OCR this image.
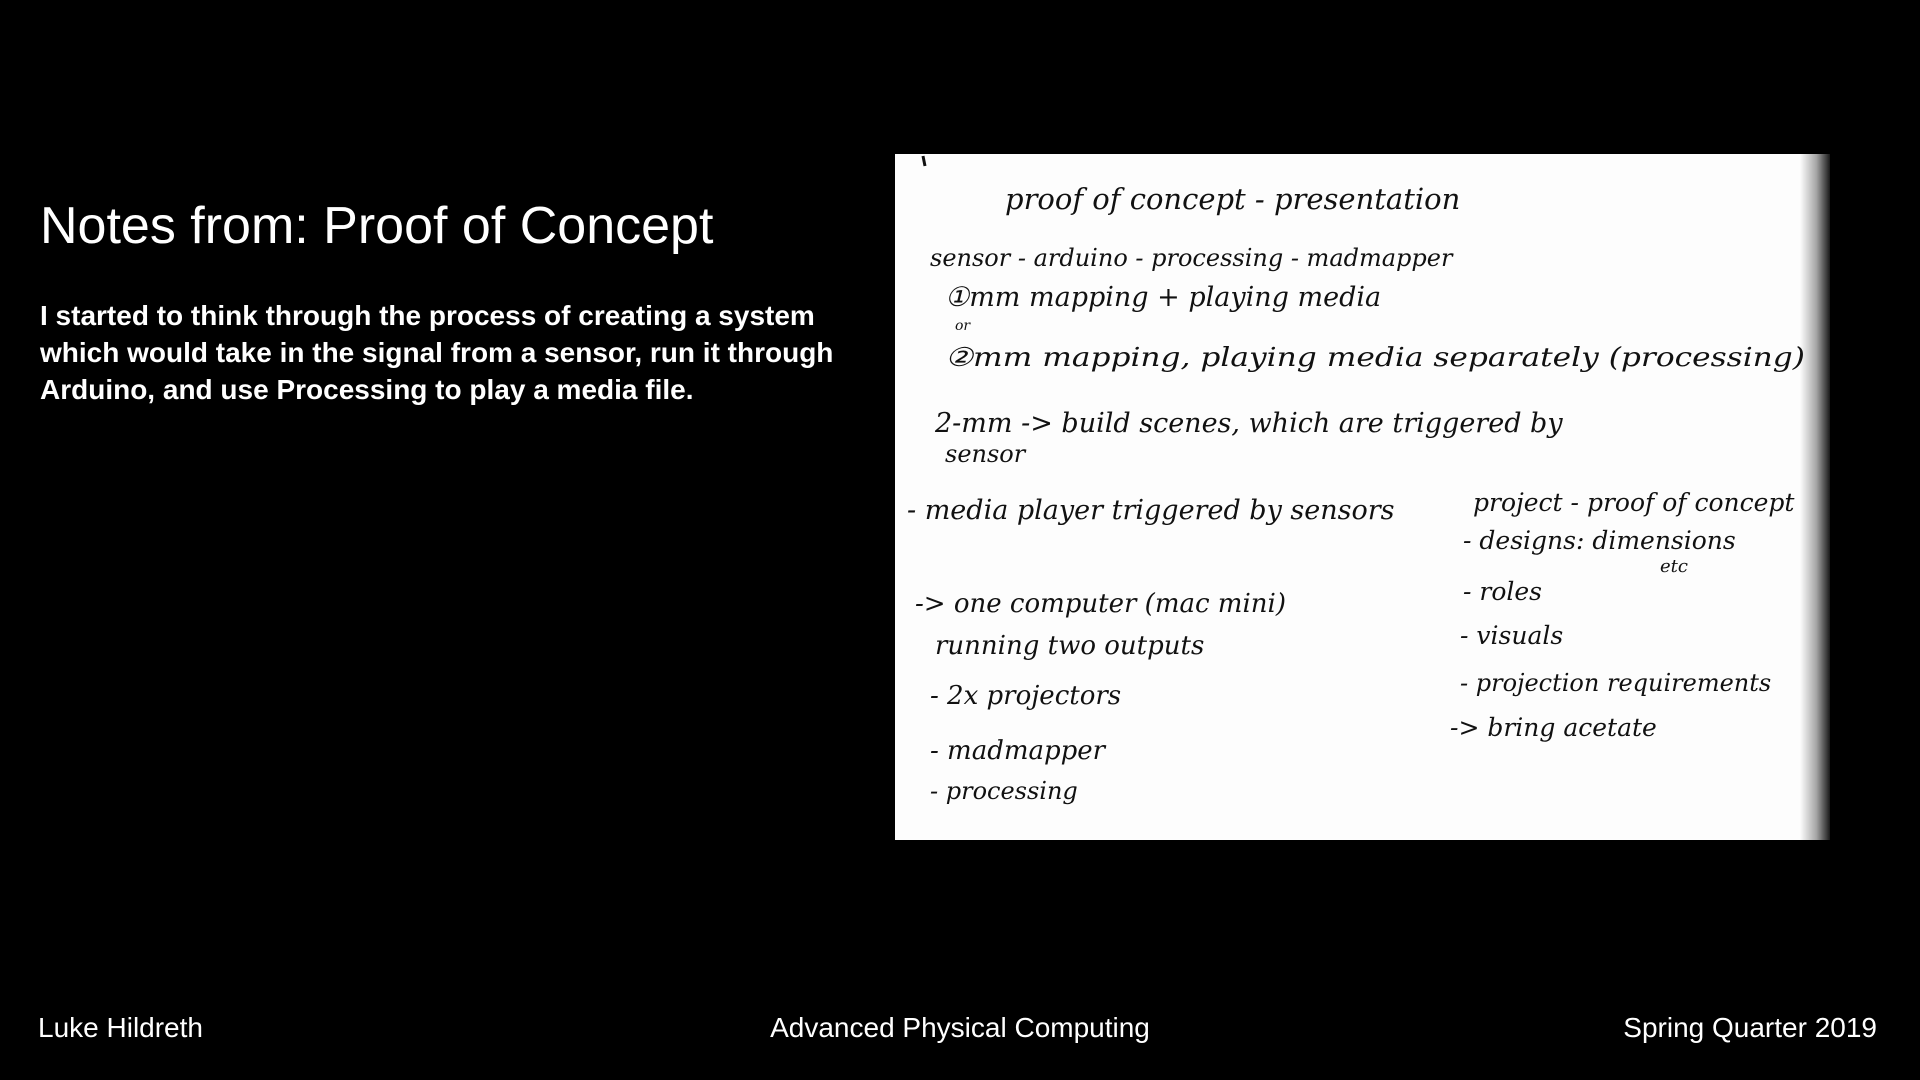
Notes from: Proof of Concept

I started to think through the process of creating a system which would take in the signal from a sensor, run it through Arduino, and use Processing to play a media file.

proof of concept - presentation
sensor - arduino - processing - madmapper
①mm mapping + playing media
or
②mm mapping, playing media separately (processing)
2-mm -> build scenes, which are triggered by
sensor
- media player triggered by sensors	project - proof of concept
- designs: dimensions
etc
-> one computer (mac mini)
running two outputs
- roles
- visuals
- 2x projectors	- projection requirements
-> bring acetate
- madmapper
- processing
Luke Hildreth	Advanced Physical Computing	Spring Quarter 2019
